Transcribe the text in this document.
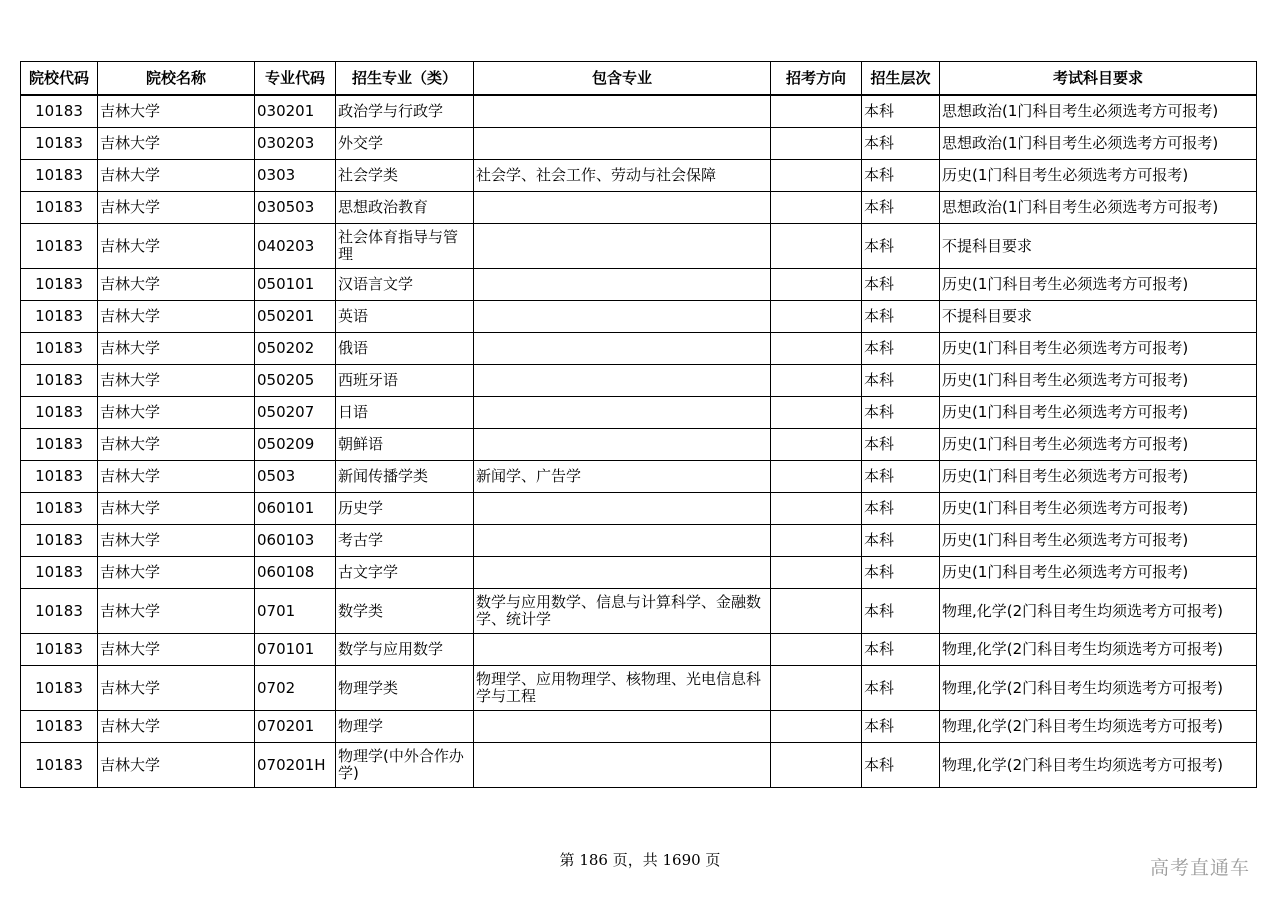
院校代码	院校名称	专业代码	招生专业（类）	包含专业	招考方向	招生层次	考试科目要求
10183	吉林大学	030201	政治学与行政学			本科	思想政治(1门科目考生必须选考方可报考)
10183	吉林大学	030203	外交学			本科	思想政治(1门科目考生必须选考方可报考)
10183	吉林大学	0303	社会学类	社会学、社会工作、劳动与社会保障		本科	历史(1门科目考生必须选考方可报考)
10183	吉林大学	030503	思想政治教育			本科	思想政治(1门科目考生必须选考方可报考)
10183	吉林大学	040203	社会体育指导与管理			本科	不提科目要求
10183	吉林大学	050101	汉语言文学			本科	历史(1门科目考生必须选考方可报考)
10183	吉林大学	050201	英语			本科	不提科目要求
10183	吉林大学	050202	俄语			本科	历史(1门科目考生必须选考方可报考)
10183	吉林大学	050205	西班牙语			本科	历史(1门科目考生必须选考方可报考)
10183	吉林大学	050207	日语			本科	历史(1门科目考生必须选考方可报考)
10183	吉林大学	050209	朝鲜语			本科	历史(1门科目考生必须选考方可报考)
10183	吉林大学	0503	新闻传播学类	新闻学、广告学		本科	历史(1门科目考生必须选考方可报考)
10183	吉林大学	060101	历史学			本科	历史(1门科目考生必须选考方可报考)
10183	吉林大学	060103	考古学			本科	历史(1门科目考生必须选考方可报考)
10183	吉林大学	060108	古文字学			本科	历史(1门科目考生必须选考方可报考)
10183	吉林大学	0701	数学类	数学与应用数学、信息与计算科学、金融数学、统计学		本科	物理,化学(2门科目考生均须选考方可报考)
10183	吉林大学	070101	数学与应用数学			本科	物理,化学(2门科目考生均须选考方可报考)
10183	吉林大学	0702	物理学类	物理学、应用物理学、核物理、光电信息科学与工程		本科	物理,化学(2门科目考生均须选考方可报考)
10183	吉林大学	070201	物理学			本科	物理,化学(2门科目考生均须选考方可报考)
10183	吉林大学	070201H	物理学(中外合作办学)			本科	物理,化学(2门科目考生均须选考方可报考)
第 186 页，共 1690 页	高考直通车
